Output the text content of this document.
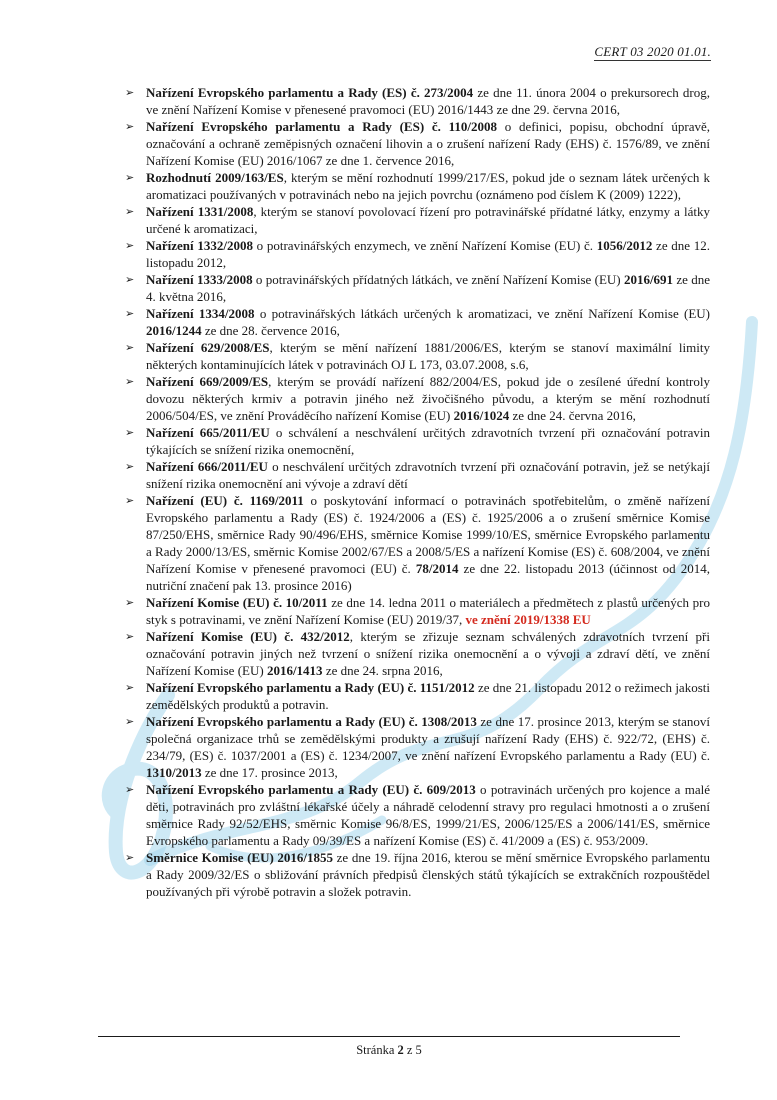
CERT 03 2020 01.01.
➢ Nařízení Evropského parlamentu a Rady (ES) č. 273/2004 ze dne 11. února 2004 o prekursorech drog, ve znění Nařízení Komise v přenesené pravomoci (EU) 2016/1443 ze dne 29. června 2016,
➢ Nařízení Evropského parlamentu a Rady (ES) č. 110/2008 o definici, popisu, obchodní úpravě, označování a ochraně zeměpisných označení lihovin a o zrušení nařízení Rady (EHS) č. 1576/89, ve znění Nařízení Komise (EU) 2016/1067 ze dne 1. července 2016,
➢ Rozhodnutí 2009/163/ES, kterým se mění rozhodnutí 1999/217/ES, pokud jde o seznam látek určených k aromatizaci používaných v potravinách nebo na jejich povrchu (oznámeno pod číslem K (2009) 1222),
➢ Nařízení 1331/2008, kterým se stanoví povolovací řízení pro potravinářské přídatné látky, enzymy a látky určené k aromatizaci,
➢ Nařízení 1332/2008 o potravinářských enzymech, ve znění Nařízení Komise (EU) č. 1056/2012 ze dne 12. listopadu 2012,
➢ Nařízení 1333/2008 o potravinářských přídatných látkách, ve znění Nařízení Komise (EU) 2016/691 ze dne 4. května 2016,
➢ Nařízení 1334/2008 o potravinářských látkách určených k aromatizaci, ve znění Nařízení Komise (EU) 2016/1244 ze dne 28. července 2016,
➢ Nařízení 629/2008/ES, kterým se mění nařízení 1881/2006/ES, kterým se stanoví maximální limity některých kontaminujících látek v potravinách OJ L 173, 03.07.2008, s.6,
➢ Nařízení 669/2009/ES, kterým se provádí nařízení 882/2004/ES, pokud jde o zesílené úřední kontroly dovozu některých krmiv a potravin jiného než živočišného původu, a kterým se mění rozhodnutí 2006/504/ES, ve znění Prováděcího nařízení Komise (EU) 2016/1024 ze dne 24. června 2016,
➢ Nařízení 665/2011/EU o schválení a neschválení určitých zdravotních tvrzení při označování potravin týkajících se snížení rizika onemocnění,
➢ Nařízení 666/2011/EU o neschválení určitých zdravotních tvrzení při označování potravin, jež se netýkají snížení rizika onemocnění ani vývoje a zdraví dětí
➢ Nařízení (EU) č. 1169/2011 o poskytování informací o potravinách spotřebitelům, o změně nařízení Evropského parlamentu a Rady (ES) č. 1924/2006 a (ES) č. 1925/2006 a o zrušení směrnice Komise 87/250/EHS, směrnice Rady 90/496/EHS, směrnice Komise 1999/10/ES, směrnice Evropského parlamentu a Rady 2000/13/ES, směrnic Komise 2002/67/ES a 2008/5/ES a nařízení Komise (ES) č. 608/2004, ve znění Nařízení Komise v přenesené pravomoci (EU) č. 78/2014 ze dne 22. listopadu 2013 (účinnost od 2014, nutriční značení pak 13. prosince 2016)
➢ Nařízení Komise (EU) č. 10/2011 ze dne 14. ledna 2011 o materiálech a předmětech z plastů určených pro styk s potravinami, ve znění Nařízení Komise (EU) 2019/37, ve znění 2019/1338 EU
➢ Nařízení Komise (EU) č. 432/2012, kterým se zřizuje seznam schválených zdravotních tvrzení při označování potravin jiných než tvrzení o snížení rizika onemocnění a o vývoji a zdraví dětí, ve znění Nařízení Komise (EU) 2016/1413 ze dne 24. srpna 2016,
➢ Nařízení Evropského parlamentu a Rady (EU) č. 1151/2012 ze dne 21. listopadu 2012 o režimech jakosti zemědělských produktů a potravin.
➢ Nařízení Evropského parlamentu a Rady (EU) č. 1308/2013 ze dne 17. prosince 2013, kterým se stanoví společná organizace trhů se zemědělskými produkty a zrušují nařízení Rady (EHS) č. 922/72, (EHS) č. 234/79, (ES) č. 1037/2001 a (ES) č. 1234/2007, ve znění nařízení Evropského parlamentu a Rady (EU) č. 1310/2013 ze dne 17. prosince 2013,
➢ Nařízení Evropského parlamentu a Rady (EU) č. 609/2013 o potravinách určených pro kojence a malé děti, potravinách pro zvláštní lékařské účely a náhradě celodenní stravy pro regulaci hmotnosti a o zrušení směrnice Rady 92/52/EHS, směrnic Komise 96/8/ES, 1999/21/ES, 2006/125/ES a 2006/141/ES, směrnice Evropského parlamentu a Rady 09/39/ES a nařízení Komise (ES) č. 41/2009 a (ES) č. 953/2009.
➢ Směrnice Komise (EU) 2016/1855 ze dne 19. října 2016, kterou se mění směrnice Evropského parlamentu a Rady 2009/32/ES o sbližování právních předpisů členských států týkajících se extrakčních rozpouštědel používaných při výrobě potravin a složek potravin.
Stránka 2 z 5
